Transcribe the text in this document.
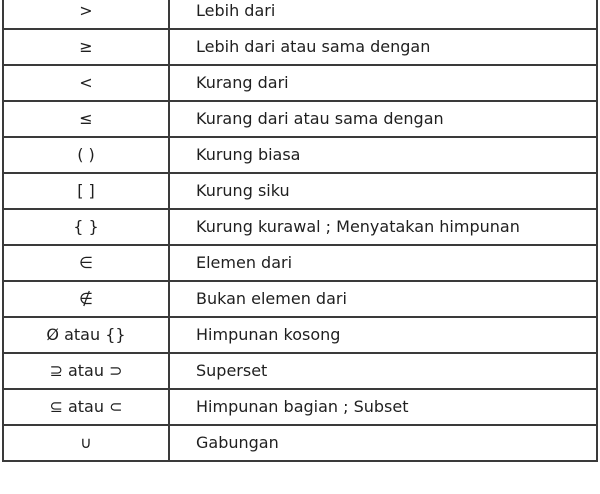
>	Lebih dari
≥	Lebih dari atau sama dengan
<	Kurang dari
≤	Kurang dari atau sama dengan
( )	Kurung biasa
[ ]	Kurung siku
{ }	Kurung kurawal ; Menyatakan himpunan
∈	Elemen dari
∉	Bukan elemen dari
Ø atau {}	Himpunan kosong
⊇ atau ⊃	Superset
⊆ atau ⊂	Himpunan bagian ; Subset
∪	Gabungan
